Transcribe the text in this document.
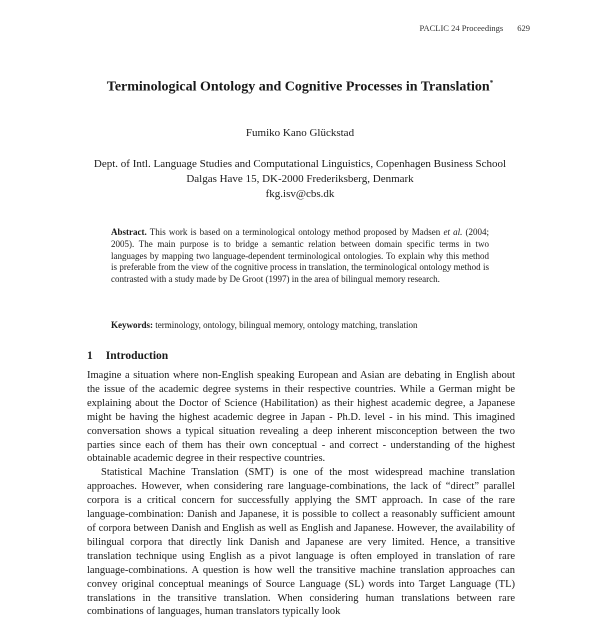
PACLIC 24 Proceedings 629
Terminological Ontology and Cognitive Processes in Translation*
Fumiko Kano Glückstad
Dept. of Intl. Language Studies and Computational Linguistics, Copenhagen Business School
Dalgas Have 15, DK-2000 Frederiksberg, Denmark
fkg.isv@cbs.dk
Abstract. This work is based on a terminological ontology method proposed by Madsen et al. (2004; 2005). The main purpose is to bridge a semantic relation between domain specific terms in two languages by mapping two language-dependent terminological ontologies. To explain why this method is preferable from the view of the cognitive process in translation, the terminological ontology method is contrasted with a study made by De Groot (1997) in the area of bilingual memory research.
Keywords: terminology, ontology, bilingual memory, ontology matching, translation
1 Introduction

Imagine a situation where non-English speaking European and Asian are debating in English about the issue of the academic degree systems in their respective countries. While a German might be explaining about the Doctor of Science (Habilitation) as their highest academic degree, a Japanese might be having the highest academic degree in Japan - Ph.D. level - in his mind. This imagined conversation shows a typical situation revealing a deep inherent misconception between the two parties since each of them has their own conceptual - and correct - understanding of the highest obtainable academic degree in their respective countries.

Statistical Machine Translation (SMT) is one of the most widespread machine translation approaches. However, when considering rare language-combinations, the lack of “direct” parallel corpora is a critical concern for successfully applying the SMT approach. In case of the rare language-combination: Danish and Japanese, it is possible to collect a reasonably sufficient amount of corpora between Danish and English as well as English and Japanese. However, the availability of bilingual corpora that directly link Danish and Japanese are very limited. Hence, a transitive translation technique using English as a pivot language is often employed in translation of rare language-combinations. A question is how well the transitive machine translation approaches can convey original conceptual meanings of Source Language (SL) words into Target Language (TL) translations in the transitive translation. When considering human translations between rare combinations of languages, human translators typically look
